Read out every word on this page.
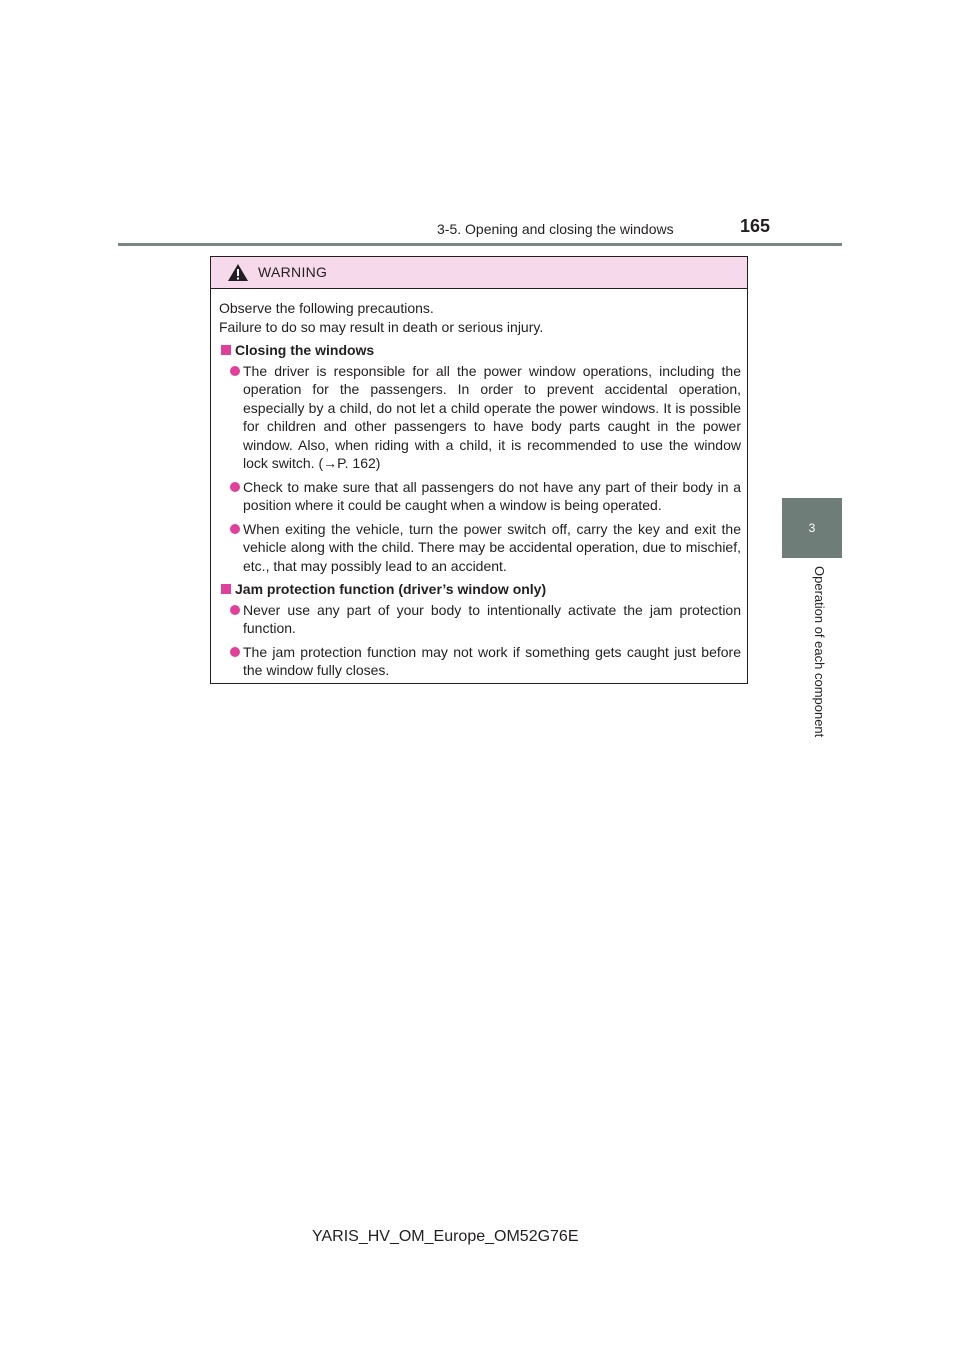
3-5. Opening and closing the windows	165
3
Operation of each component
WARNING

Observe the following precautions.

Failure to do so may result in death or serious injury.

Closing the windows
The driver is responsible for all the power window operations, including the operation for the passengers. In order to prevent accidental operation, especially by a child, do not let a child operate the power windows. It is possible for children and other passengers to have body parts caught in the power window. Also, when riding with a child, it is recommended to use the window lock switch. (→P. 162)
Check to make sure that all passengers do not have any part of their body in a position where it could be caught when a window is being operated.
When exiting the vehicle, turn the power switch off, carry the key and exit the vehicle along with the child. There may be accidental operation, due to mischief, etc., that may possibly lead to an accident.
Jam protection function (driver’s window only)
Never use any part of your body to intentionally activate the jam protection function.
The jam protection function may not work if something gets caught just before the window fully closes.
YARIS_HV_OM_Europe_OM52G76E
